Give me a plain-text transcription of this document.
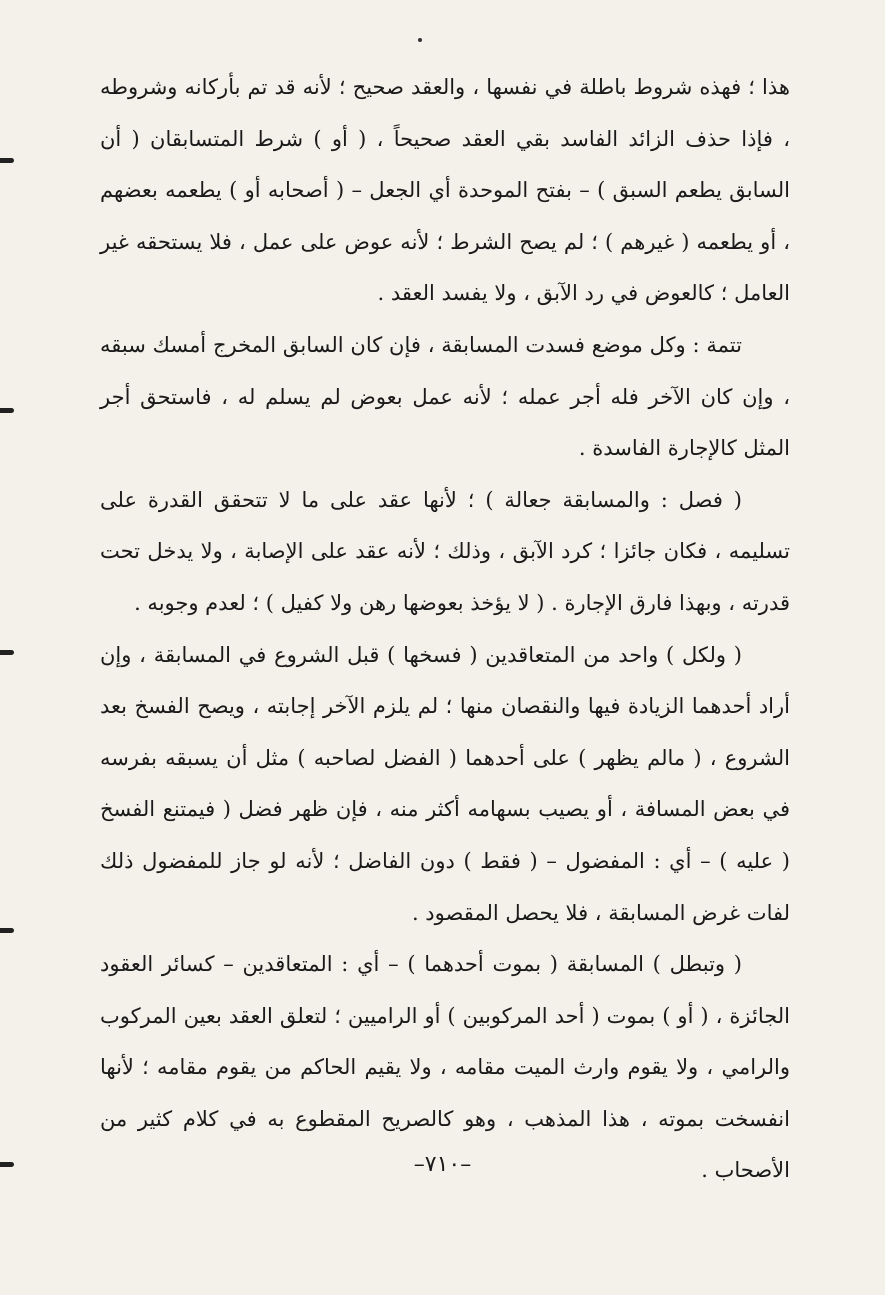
هذا ؛ فهذه شروط باطلة في نفسها ، والعقد صحيح ؛ لأنه قد تم بأركانه وشروطه ، فإذا حذف الزائد الفاسد بقي العقد صحيحاً ، ( أو ) شرط المتسابقان ( أن السابق يطعم السبق ) – بفتح الموحدة أي الجعل – ( أصحابه أو ) يطعمه بعضهم ، أو يطعمه ( غيرهم ) ؛ لم يصح الشرط ؛ لأنه عوض على عمل ، فلا يستحقه غير العامل ؛ كالعوض في رد الآبق ، ولا يفسد العقد .

تتمة : وكل موضع فسدت المسابقة ، فإن كان السابق المخرج أمسك سبقه ، وإن كان الآخر فله أجر عمله ؛ لأنه عمل بعوض لم يسلم له ، فاستحق أجر المثل كالإجارة الفاسدة .

( فصل : والمسابقة جعالة ) ؛ لأنها عقد على ما لا تتحقق القدرة على تسليمه ، فكان جائزا ؛ كرد الآبق ، وذلك ؛ لأنه عقد على الإصابة ، ولا يدخل تحت قدرته ، وبهذا فارق الإجارة . ( لا يؤخذ بعوضها رهن ولا كفيل ) ؛ لعدم وجوبه .

( ولكل ) واحد من المتعاقدين ( فسخها ) قبل الشروع في المسابقة ، وإن أراد أحدهما الزيادة فيها والنقصان منها ؛ لم يلزم الآخر إجابته ، ويصح الفسخ بعد الشروع ، ( مالم يظهر ) على أحدهما ( الفضل لصاحبه ) مثل أن يسبقه بفرسه في بعض المسافة ، أو يصيب بسهامه أكثر منه ، فإن ظهر فضل ( فيمتنع الفسخ ( عليه ) – أي : المفضول – ( فقط ) دون الفاضل ؛ لأنه لو جاز للمفضول ذلك لفات غرض المسابقة ، فلا يحصل المقصود .

( وتبطل ) المسابقة ( بموت أحدهما ) – أي : المتعاقدين – كسائر العقود الجائزة ، ( أو ) بموت ( أحد المركوبين ) أو الراميين ؛ لتعلق العقد بعين المركوب والرامي ، ولا يقوم وارث الميت مقامه ، ولا يقيم الحاكم من يقوم مقامه ؛ لأنها انفسخت بموته ، هذا المذهب ، وهو كالصريح المقطوع به في كلام كثير من الأصحاب .

–٧١٠–
